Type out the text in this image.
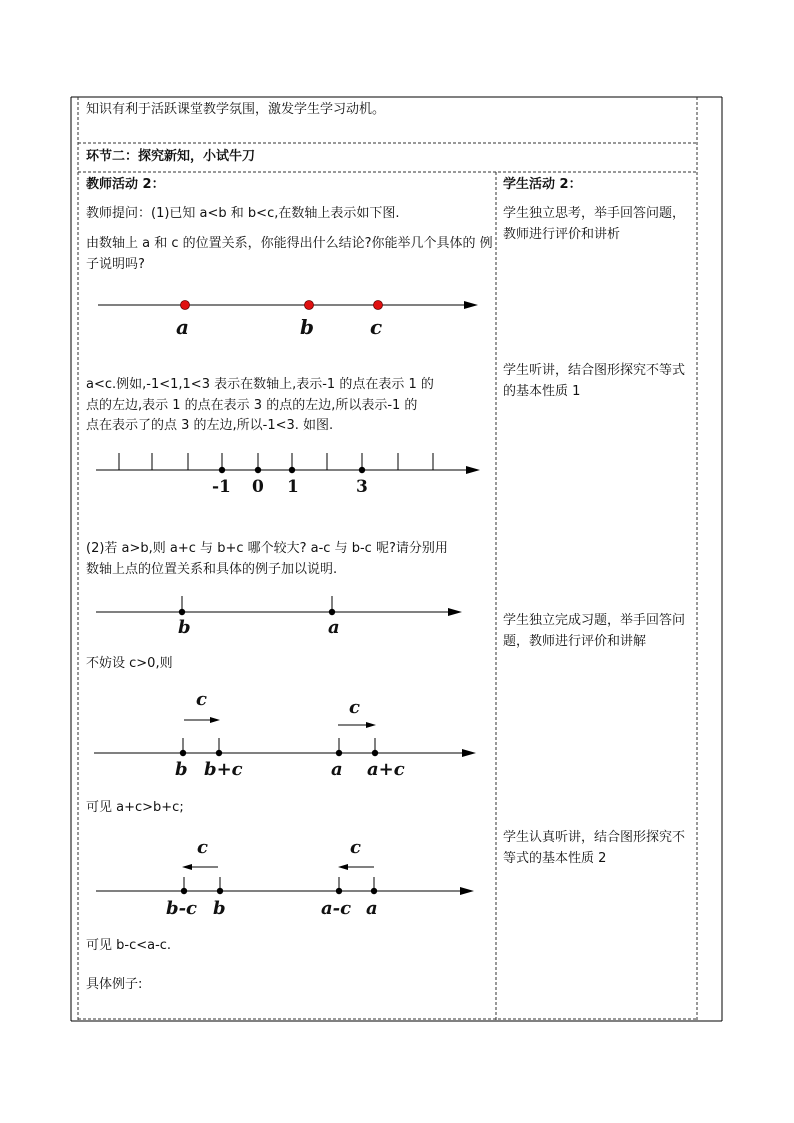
知识有利于活跃课堂教学氛围，激发学生学习动机。
环节二：探究新知，小试牛刀
教师活动 2：
教师提问：(1)已知 a<b 和 b<c,在数轴上表示如下图.
由数轴上 a 和 c 的位置关系，你能得出什么结论?你能举几个具体的 例子说明吗?
a	b	c
a<c.例如,-1<1,1<3 表示在数轴上,表示-1 的点在表示 1 的
点的左边,表示 1 的点在表示 3 的点的左边,所以表示-1 的
点在表示了的点 3 的左边,所以-1<3. 如图.
-1 0 1	3
(2)若 a>b,则 a+c 与 b+c 哪个较大? a-c 与 b-c 呢?请分别用
数轴上点的位置关系和具体的例子加以说明.
b	a
不妨设 c>0,则
c	c
b b+c	a a+c
可见 a+c>b+c;
c	c
b-c b	a-c a
可见 b-c<a-c.
具体例子:
学生活动 2：
学生独立思考，举手回答问题，教师进行评价和讲析
学生听讲，结合图形探究不等式的基本性质 1
学生独立完成习题，举手回答问题，教师进行评价和讲解
学生认真听讲，结合图形探究不等式的基本性质 2
